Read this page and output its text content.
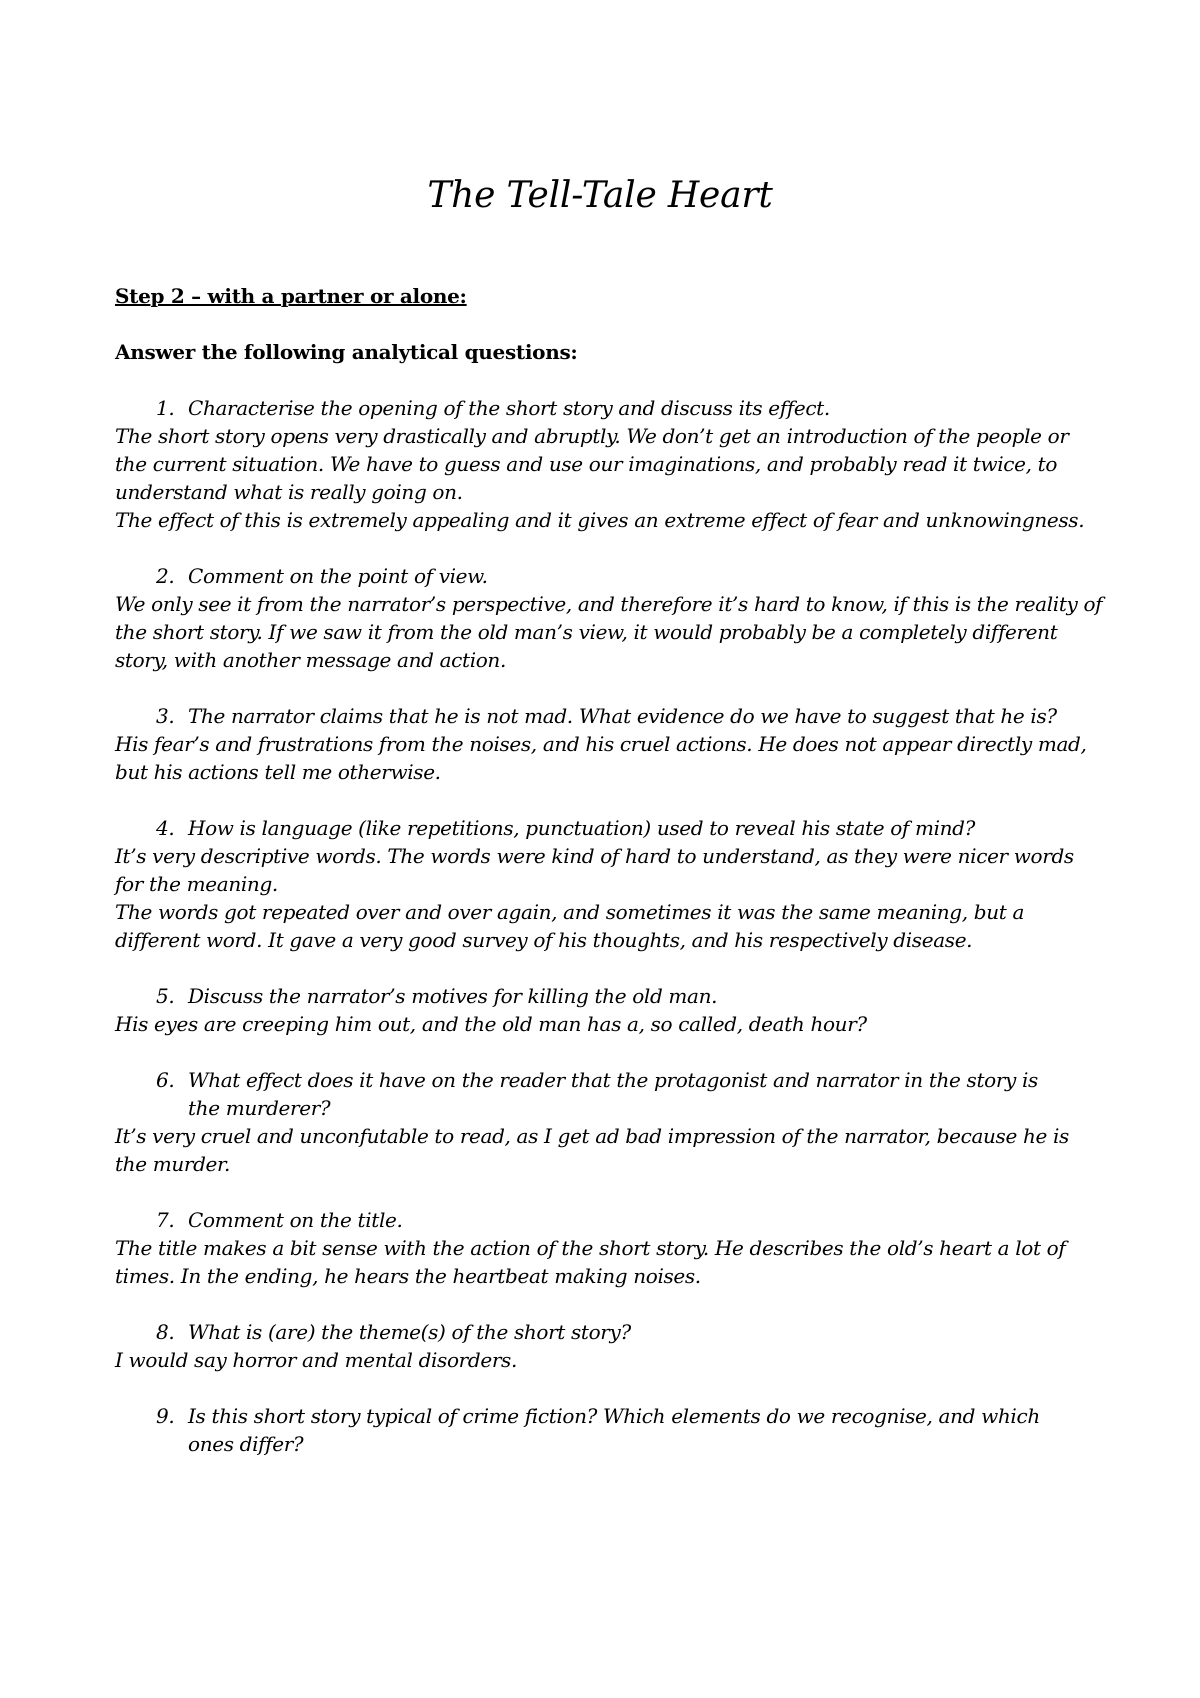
The Tell-Tale Heart
Step 2 – with a partner or alone:
Answer the following analytical questions:
1. Characterise the opening of the short story and discuss its effect.

The short story opens very drastically and abruptly. We don’t get an introduction of the people or the current situation. We have to guess and use our imaginations, and probably read it twice, to understand what is really going on.

The effect of this is extremely appealing and it gives an extreme effect of fear and unknowingness.

2. Comment on the point of view.

We only see it from the narrator’s perspective, and therefore it’s hard to know, if this is the reality of the short story. If we saw it from the old man’s view, it would probably be a completely different story, with another message and action.

3. The narrator claims that he is not mad. What evidence do we have to suggest that he is?

His fear’s and frustrations from the noises, and his cruel actions. He does not appear directly mad, but his actions tell me otherwise.

4. How is language (like repetitions, punctuation) used to reveal his state of mind?

It’s very descriptive words. The words were kind of hard to understand, as they were nicer words for the meaning.

The words got repeated over and over again, and sometimes it was the same meaning, but a different word. It gave a very good survey of his thoughts, and his respectively disease.

5. Discuss the narrator’s motives for killing the old man.

His eyes are creeping him out, and the old man has a, so called, death hour?

6. What effect does it have on the reader that the protagonist and narrator in the story is the murderer?

It’s very cruel and unconfutable to read, as I get ad bad impression of the narrator, because he is the murder.

7. Comment on the title.

The title makes a bit sense with the action of the short story. He describes the old’s heart a lot of times. In the ending, he hears the heartbeat making noises.

8. What is (are) the theme(s) of the short story?

I would say horror and mental disorders.

9. Is this short story typical of crime fiction? Which elements do we recognise, and which ones differ?
